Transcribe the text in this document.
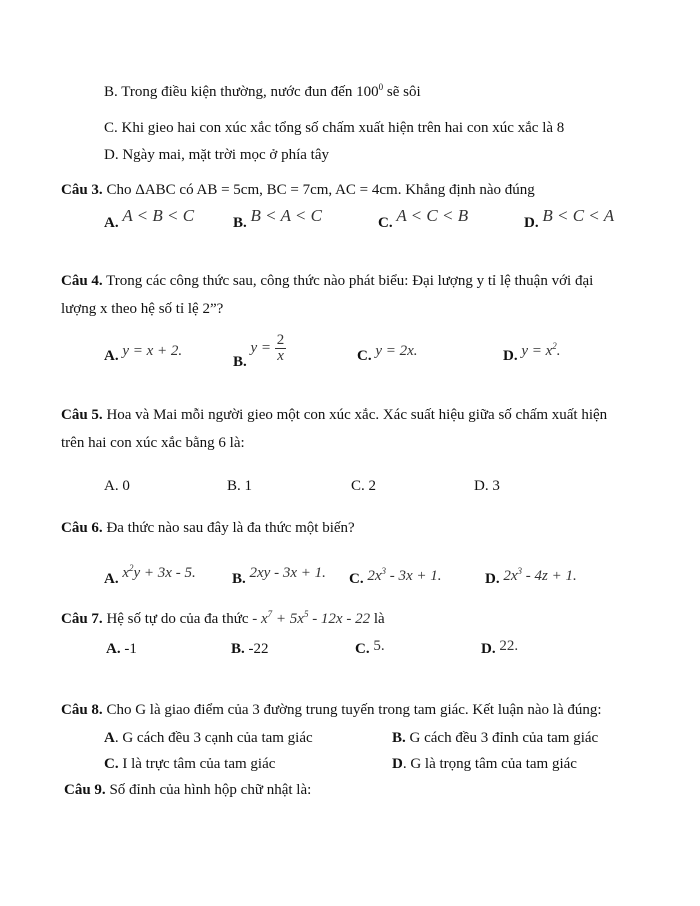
B. Trong điều kiện thường, nước đun đến $100^0$ sẽ sôi
C. Khi gieo hai con xúc xắc tổng số chấm xuất hiện trên hai con xúc xắc là 8
D. Ngày mai, mặt trời mọc ở phía tây
Câu 3. Cho ΔABC có AB = 5cm, BC = 7cm, AC = 4cm. Khẳng định nào đúng
A. A < B < C	B. B < A < C	C. A < C < B	D. B < C < A
Câu 4. Trong các công thức sau, công thức nào phát biểu: Đại lượng y tỉ lệ thuận với đại
lượng x theo hệ số tỉ lệ 2”?
A. y = x + 2.
B. $y = \frac{2}{x}$	C. y = 2x.	D. $y = x^2$.
Câu 5. Hoa và Mai mỗi người gieo một con xúc xắc. Xác suất hiệu giữa số chấm xuất hiện
trên hai con xúc xắc bằng 6 là:
A. 0	B. 1	C. 2	D. 3
Câu 6. Đa thức nào sau đây là đa thức một biến?
A. $x^2y + 3x - 5$. B. 2xy - 3x + 1. C. $2x^3 - 3x + 1$.	D. $2x^3 - 4z + 1$.
Câu 7. Hệ số tự do của đa thức - $x^7 + 5x^5 - 12x - 22$ là
A. -1	B. -22	C. 5.	D. 22.
Câu 8. Cho G là giao điểm của 3 đường trung tuyến trong tam giác. Kết luận nào là đúng:
A. G cách đều 3 cạnh của tam giác	B. G cách đều 3 đỉnh của tam giác
C. I là trực tâm của tam giác	D. G là trọng tâm của tam giác
Câu 9. Số đỉnh của hình hộp chữ nhật là:
